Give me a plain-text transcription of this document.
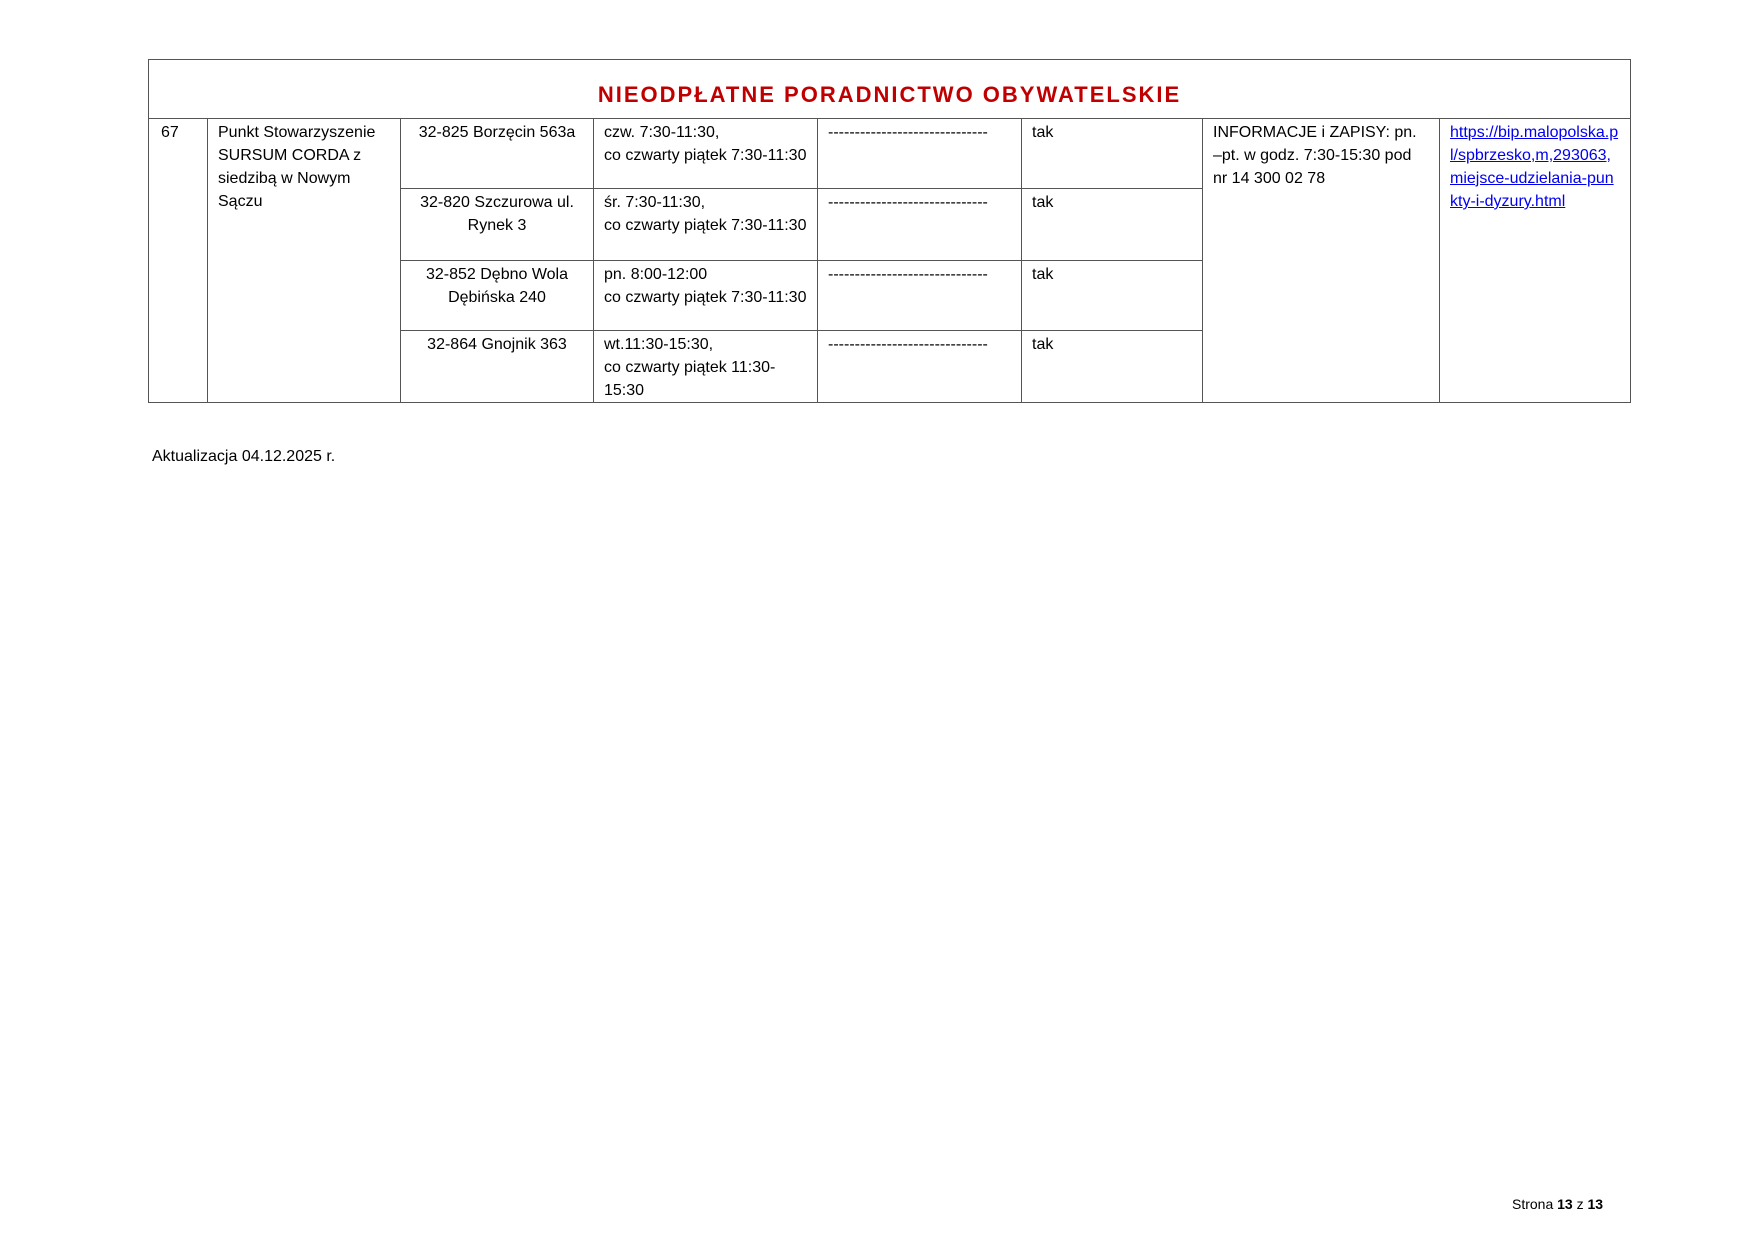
NIEODPŁATNE PORADNICTWO OBYWATELSKIE							
67	Punkt Stowarzyszenie SURSUM CORDA z siedzibą w Nowym Sączu	32-825 Borzęcin 563a	czw. 7:30-11:30,
co czwarty piątek 7:30-11:30	------------------------------	tak	INFORMACJE i ZAPISY: pn. –pt. w godz. 7:30-15:30 pod nr 14 300 02 78	https://bip.malopolska.pl/spbrzesko,m,293063,miejsce-udzielania-punkty-i-dyzury.html
		32-820 Szczurowa ul. Rynek 3	śr. 7:30-11:30,
co czwarty piątek 7:30-11:30	------------------------------	tak		
		32-852 Dębno Wola Dębińska 240	pn. 8:00-12:00
co czwarty piątek 7:30-11:30	------------------------------	tak		
		32-864 Gnojnik 363	wt.11:30-15:30,
co czwarty piątek 11:30-15:30	------------------------------	tak		
Aktualizacja 04.12.2025 r.
Strona 13 z 13
